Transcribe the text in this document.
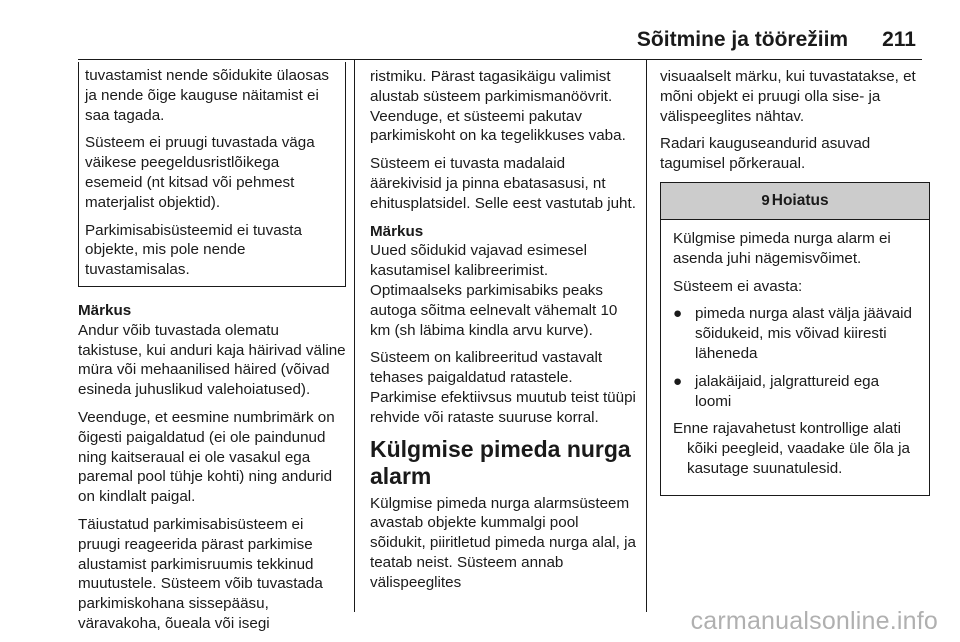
Sõitmine ja töörežiim 211

tuvastamist nende sõidukite ülaosas ja nende õige kauguse näitamist ei saa tagada.

Süsteem ei pruugi tuvastada väga väikese peegeldusristlõikega esemeid (nt kitsad või pehmest materjalist objektid).

Parkimisabisüsteemid ei tuvasta objekte, mis pole nende tuvastamisalas.

Märkus

Andur võib tuvastada olematu takistuse, kui anduri kaja häirivad väline müra või mehaanilised häired (võivad esineda juhuslikud valehoiatused).

Veenduge, et eesmine numbrimärk on õigesti paigaldatud (ei ole paindunud ning kaitseraual ei ole vasakul ega paremal pool tühje kohti) ning andurid on kindlalt paigal.

Täiustatud parkimisabisüsteem ei pruugi reageerida pärast parkimise alustamist parkimisruumis tekkinud muutustele. Süsteem võib tuvastada parkimiskohana sissepääsu, väravakoha, õueala või isegi

ristmiku. Pärast tagasikäigu valimist alustab süsteem parkimismanöövrit. Veenduge, et süsteemi pakutav parkimiskoht on ka tegelikkuses vaba.

Süsteem ei tuvasta madalaid äärekivisid ja pinna ebatasasusi, nt ehitusplatsidel. Selle eest vastutab juht.

Märkus

Uued sõidukid vajavad esimesel kasutamisel kalibreerimist. Optimaalseks parkimisabiks peaks autoga sõitma eelnevalt vähemalt 10 km (sh läbima kindla arvu kurve).

Süsteem on kalibreeritud vastavalt tehases paigaldatud ratastele. Parkimise efektiivsus muutub teist tüüpi rehvide või rataste suuruse korral.

Külgmise pimeda nurga alarm

Külgmise pimeda nurga alarmsüsteem avastab objekte kummalgi pool sõidukit, piiritletud pimeda nurga alal, ja teatab neist. Süsteem annab välispeeglites

visuaalselt märku, kui tuvastatakse, et mõni objekt ei pruugi olla sise- ja välispeeglites nähtav.

Radari kauguseandurid asuvad tagumisel põrkeraual.

9 Hoiatus

Külgmise pimeda nurga alarm ei asenda juhi nägemisvõimet.

Süsteem ei avasta:

● pimeda nurga alast välja jäävaid sõidukeid, mis võivad kiiresti läheneda
● jalakäijaid, jalgrattureid ega loomi

Enne rajavahetust kontrollige alati kõiki peegleid, vaadake üle õla ja kasutage suunatulesid.

carmanualsonline.info
